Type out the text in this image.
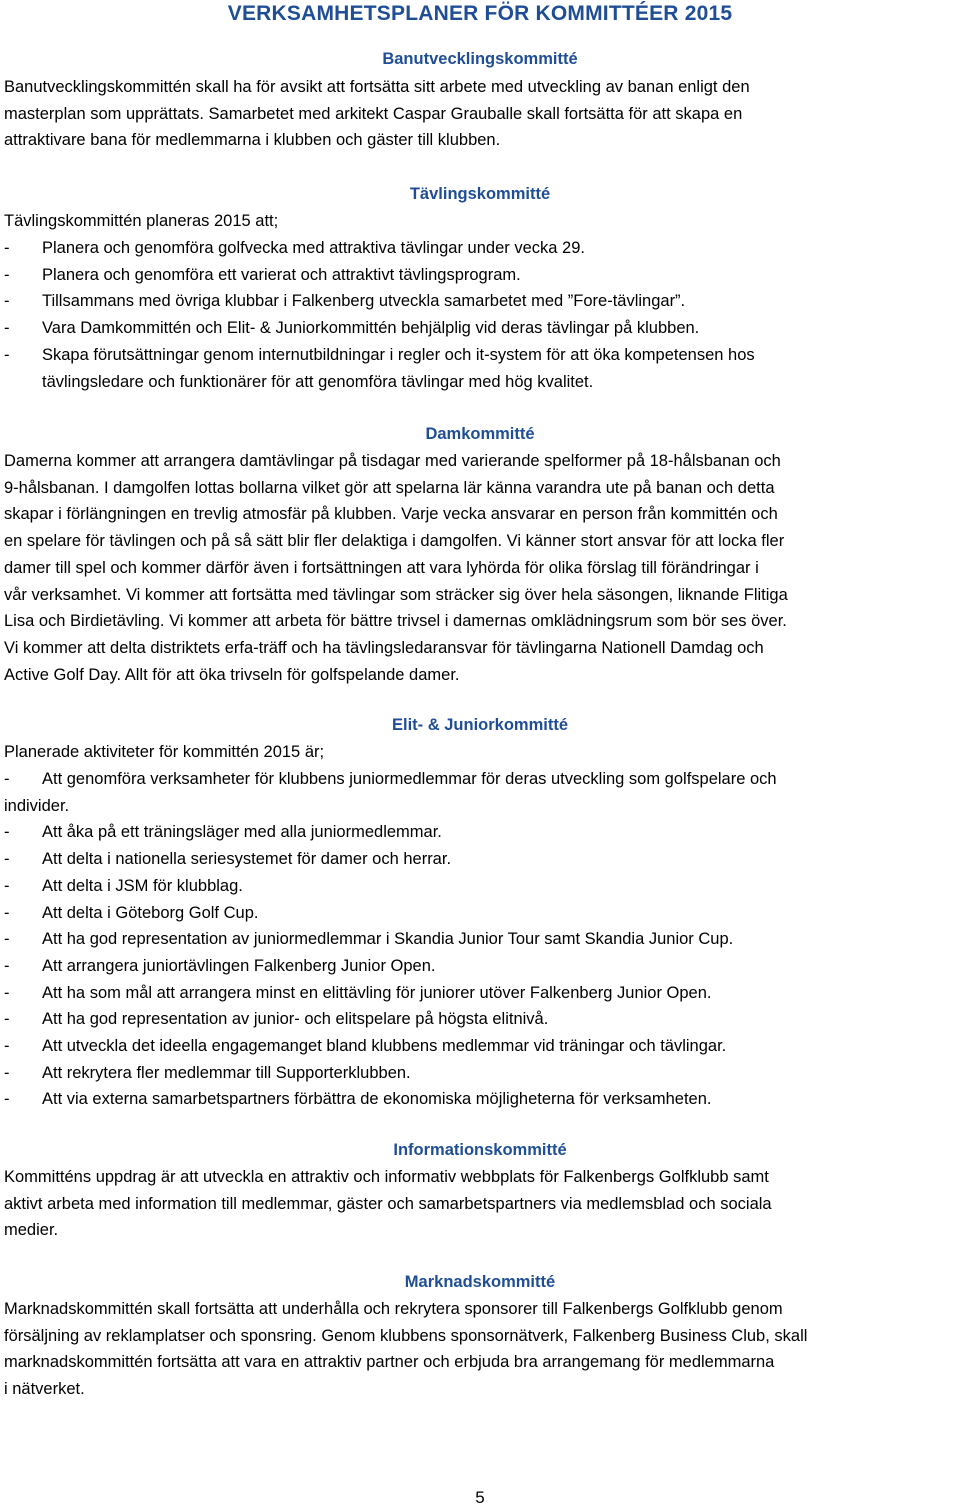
VERKSAMHETSPLANER FÖR KOMMITTÉER 2015
Banutvecklingskommitté
Banutvecklingskommittén skall ha för avsikt att fortsätta sitt arbete med utveckling av banan enligt den
masterplan som upprättats. Samarbetet med arkitekt Caspar Grauballe skall fortsätta för att skapa en
attraktivare bana för medlemmarna i klubben och gäster till klubben.
Tävlingskommitté
Tävlingskommittén planeras 2015 att;
- Planera och genomföra golfvecka med attraktiva tävlingar under vecka 29.
- Planera och genomföra ett varierat och attraktivt tävlingsprogram.
- Tillsammans med övriga klubbar i Falkenberg utveckla samarbetet med ”Fore-tävlingar”.
- Vara Damkommittén och Elit- & Juniorkommittén behjälplig vid deras tävlingar på klubben.
- Skapa förutsättningar genom internutbildningar i regler och it-system för att öka kompetensen hos
tävlingsledare och funktionärer för att genomföra tävlingar med hög kvalitet.
Damkommitté
Damerna kommer att arrangera damtävlingar på tisdagar med varierande spelformer på 18-hålsbanan och
9-hålsbanan. I damgolfen lottas bollarna vilket gör att spelarna lär känna varandra ute på banan och detta
skapar i förlängningen en trevlig atmosfär på klubben. Varje vecka ansvarar en person från kommittén och
en spelare för tävlingen och på så sätt blir fler delaktiga i damgolfen. Vi känner stort ansvar för att locka fler
damer till spel och kommer därför även i fortsättningen att vara lyhörda för olika förslag till förändringar i
vår verksamhet. Vi kommer att fortsätta med tävlingar som sträcker sig över hela säsongen, liknande Flitiga
Lisa och Birdietävling. Vi kommer att arbeta för bättre trivsel i damernas omklädningsrum som bör ses över.
Vi kommer att delta distriktets erfa-träff och ha tävlingsledaransvar för tävlingarna Nationell Damdag och
Active Golf Day. Allt för att öka trivseln för golfspelande damer.
Elit- & Juniorkommitté
Planerade aktiviteter för kommittén 2015 är;
- Att genomföra verksamheter för klubbens juniormedlemmar för deras utveckling som golfspelare och
individer.
- Att åka på ett träningsläger med alla juniormedlemmar.
- Att delta i nationella seriesystemet för damer och herrar.
- Att delta i JSM för klubblag.
- Att delta i Göteborg Golf Cup.
- Att ha god representation av juniormedlemmar i Skandia Junior Tour samt Skandia Junior Cup.
- Att arrangera juniortävlingen Falkenberg Junior Open.
- Att ha som mål att arrangera minst en elittävling för juniorer utöver Falkenberg Junior Open.
- Att ha god representation av junior- och elitspelare på högsta elitnivå.
- Att utveckla det ideella engagemanget bland klubbens medlemmar vid träningar och tävlingar.
- Att rekrytera fler medlemmar till Supporterklubben.
- Att via externa samarbetspartners förbättra de ekonomiska möjligheterna för verksamheten.
Informationskommitté
Kommitténs uppdrag är att utveckla en attraktiv och informativ webbplats för Falkenbergs Golfklubb samt
aktivt arbeta med information till medlemmar, gäster och samarbetspartners via medlemsblad och sociala
medier.
Marknadskommitté
Marknadskommittén skall fortsätta att underhålla och rekrytera sponsorer till Falkenbergs Golfklubb genom
försäljning av reklamplatser och sponsring. Genom klubbens sponsornätverk, Falkenberg Business Club, skall
marknadskommittén fortsätta att vara en attraktiv partner och erbjuda bra arrangemang för medlemmarna
i nätverket.
5
